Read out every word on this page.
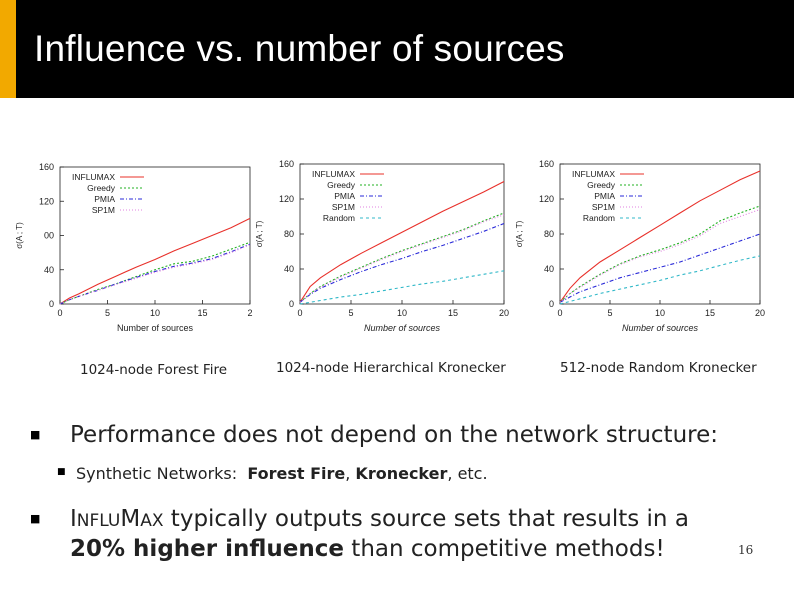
Influence vs. number of sources
0
40
00
120
160
0	5	10	15	2
Number of sources
σ(A ; T)
INFLUMAX
Greedy
PMIA
SP1M
0
40
80
120
160
0	5	10	15	20
Number of sources
σ(A ; T)
INFLUMAX
Greedy
PMIA
SP1M
Random
0
40
80
120
160
0	5	10	15	20
Number of sources
σ(A ; T)
INFLUMAX
Greedy
PMIA
SP1M
Random
1024-node Forest Fire	1024-node Hierarchical Kronecker	512-node Random Kronecker
■ Performance does not depend on the network structure:
■ Synthetic Networks:  Forest Fire, Kronecker, etc.
■ INFLUMAX typically outputs source sets that results in a
20% higher influence than competitive methods!	16
